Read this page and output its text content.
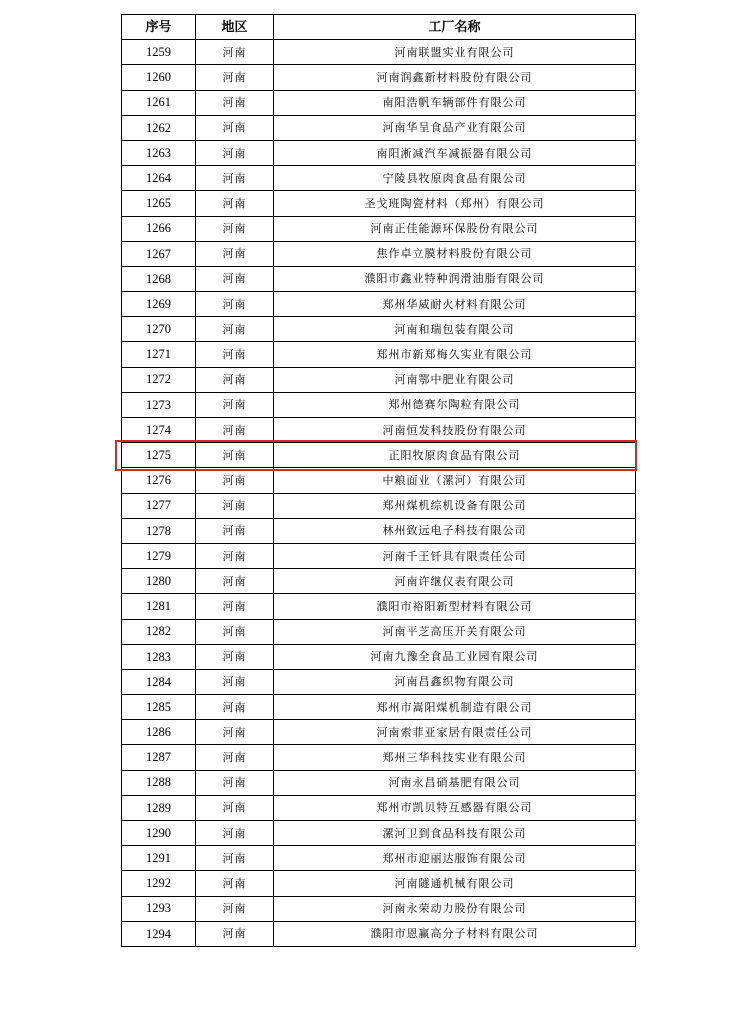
序号	地区	工厂名称
1259	河南	河南联盟实业有限公司
1260	河南	河南润鑫新材料股份有限公司
1261	河南	南阳浩帆车辆部件有限公司
1262	河南	河南华呈食品产业有限公司
1263	河南	南阳淅减汽车减振器有限公司
1264	河南	宁陵县牧原肉食品有限公司
1265	河南	圣戈班陶瓷材料（郑州）有限公司
1266	河南	河南正佳能源环保股份有限公司
1267	河南	焦作卓立膜材料股份有限公司
1268	河南	濮阳市鑫业特种润滑油脂有限公司
1269	河南	郑州华威耐火材料有限公司
1270	河南	河南和瑞包装有限公司
1271	河南	郑州市新郑梅久实业有限公司
1272	河南	河南鄂中肥业有限公司
1273	河南	郑州德赛尔陶粒有限公司
1274	河南	河南恒发科技股份有限公司
1275	河南	正阳牧原肉食品有限公司
1276	河南	中粮面业（漯河）有限公司
1277	河南	郑州煤机综机设备有限公司
1278	河南	林州致远电子科技有限公司
1279	河南	河南千王钎具有限责任公司
1280	河南	河南许继仪表有限公司
1281	河南	濮阳市裕阳新型材料有限公司
1282	河南	河南平芝高压开关有限公司
1283	河南	河南九豫全食品工业园有限公司
1284	河南	河南昌鑫织物有限公司
1285	河南	郑州市嵩阳煤机制造有限公司
1286	河南	河南索菲亚家居有限责任公司
1287	河南	郑州三华科技实业有限公司
1288	河南	河南永昌硝基肥有限公司
1289	河南	郑州市凯贝特互感器有限公司
1290	河南	漯河卫到食品科技有限公司
1291	河南	郑州市迎丽达服饰有限公司
1292	河南	河南隧通机械有限公司
1293	河南	河南永荣动力股份有限公司
1294	河南	濮阳市恩赢高分子材料有限公司
